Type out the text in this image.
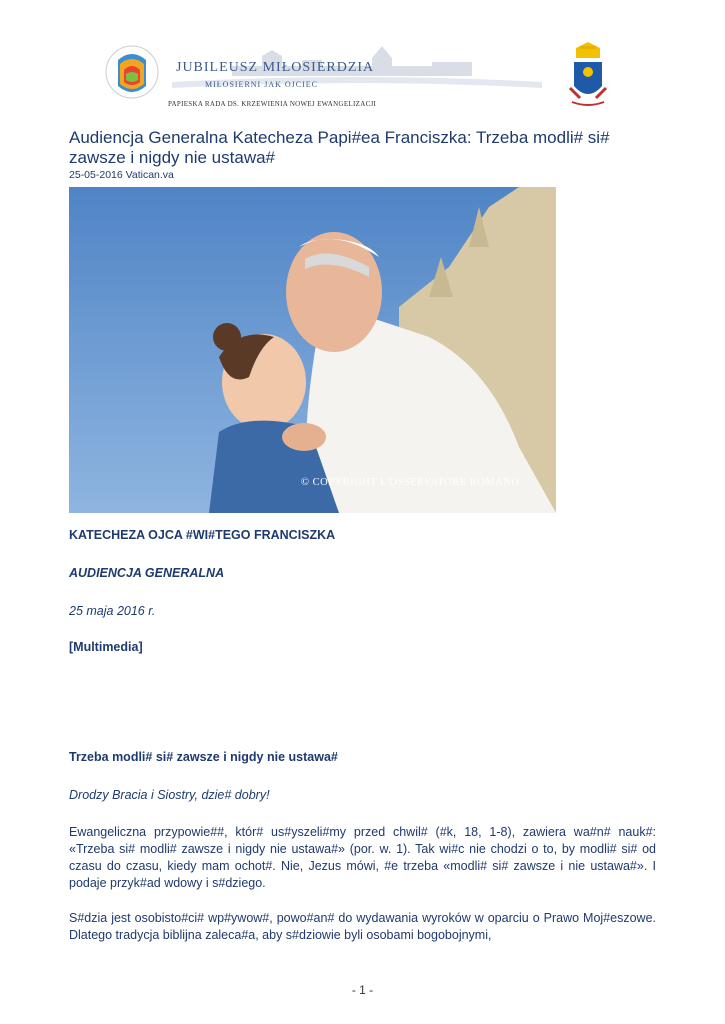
JUBILEUSZ MIŁOSIERDZIA
MIŁOSIERNI JAK OJCIEC
PAPIESKA RADA DS. KRZEWIENIA NOWEJ EWANGELIZACJI
Audiencja Generalna Katecheza Papi#ea Franciszka: Trzeba modli# si# zawsze i nigdy nie ustawa#
25-05-2016 Vatican.va
© COPYRIGHT L'OSSERVATORE ROMANO
KATECHEZA OJCA #WI#TEGO FRANCISZKA
AUDIENCJA GENERALNA
25 maja 2016 r.
[Multimedia]
Trzeba modli# si# zawsze i nigdy nie ustawa#
Drodzy Bracia i Siostry, dzie# dobry!
Ewangeliczna przypowie##, któr# us#yszeli#my przed chwil# (#k, 18, 1-8), zawiera wa#n# nauk#: «Trzeba si# modli# zawsze i nigdy nie ustawa#» (por. w. 1). Tak wi#c nie chodzi o to, by modli# si# od czasu do czasu, kiedy mam ochot#. Nie, Jezus mówi, #e trzeba «modli# si# zawsze i nie ustawa#». I podaje przyk#ad wdowy i s#dziego.
S#dzia jest osobisto#ci# wp#ywow#, powo#an# do wydawania wyroków w oparciu o Prawo Moj#eszowe. Dlatego tradycja biblijna zaleca#a, aby s#dziowie byli osobami bogobojnymi,
- 1 -
